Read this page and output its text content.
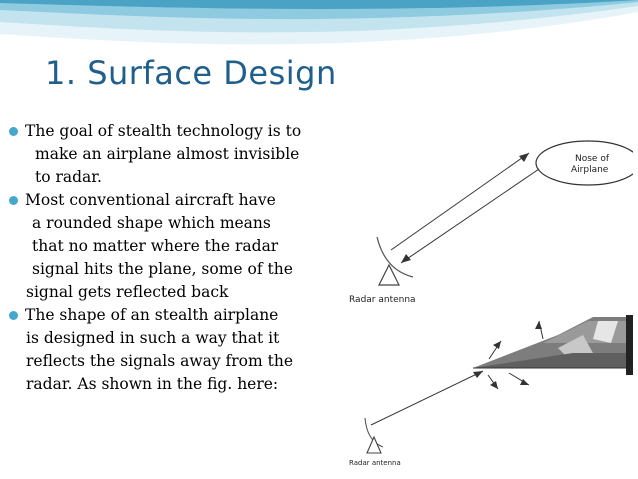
1. Surface Design
The goal of stealth technology is to
make an airplane almost invisible
to radar.
Most conventional aircraft have
a rounded shape which means
that no matter where the radar
signal hits the plane, some of the
signal gets reflected back
The shape of an stealth airplane
is designed in such a way that it
reflects the signals away from the
radar. As shown in the fig. here:
Nose of
Airplane
Radar antenna
Radar antenna
